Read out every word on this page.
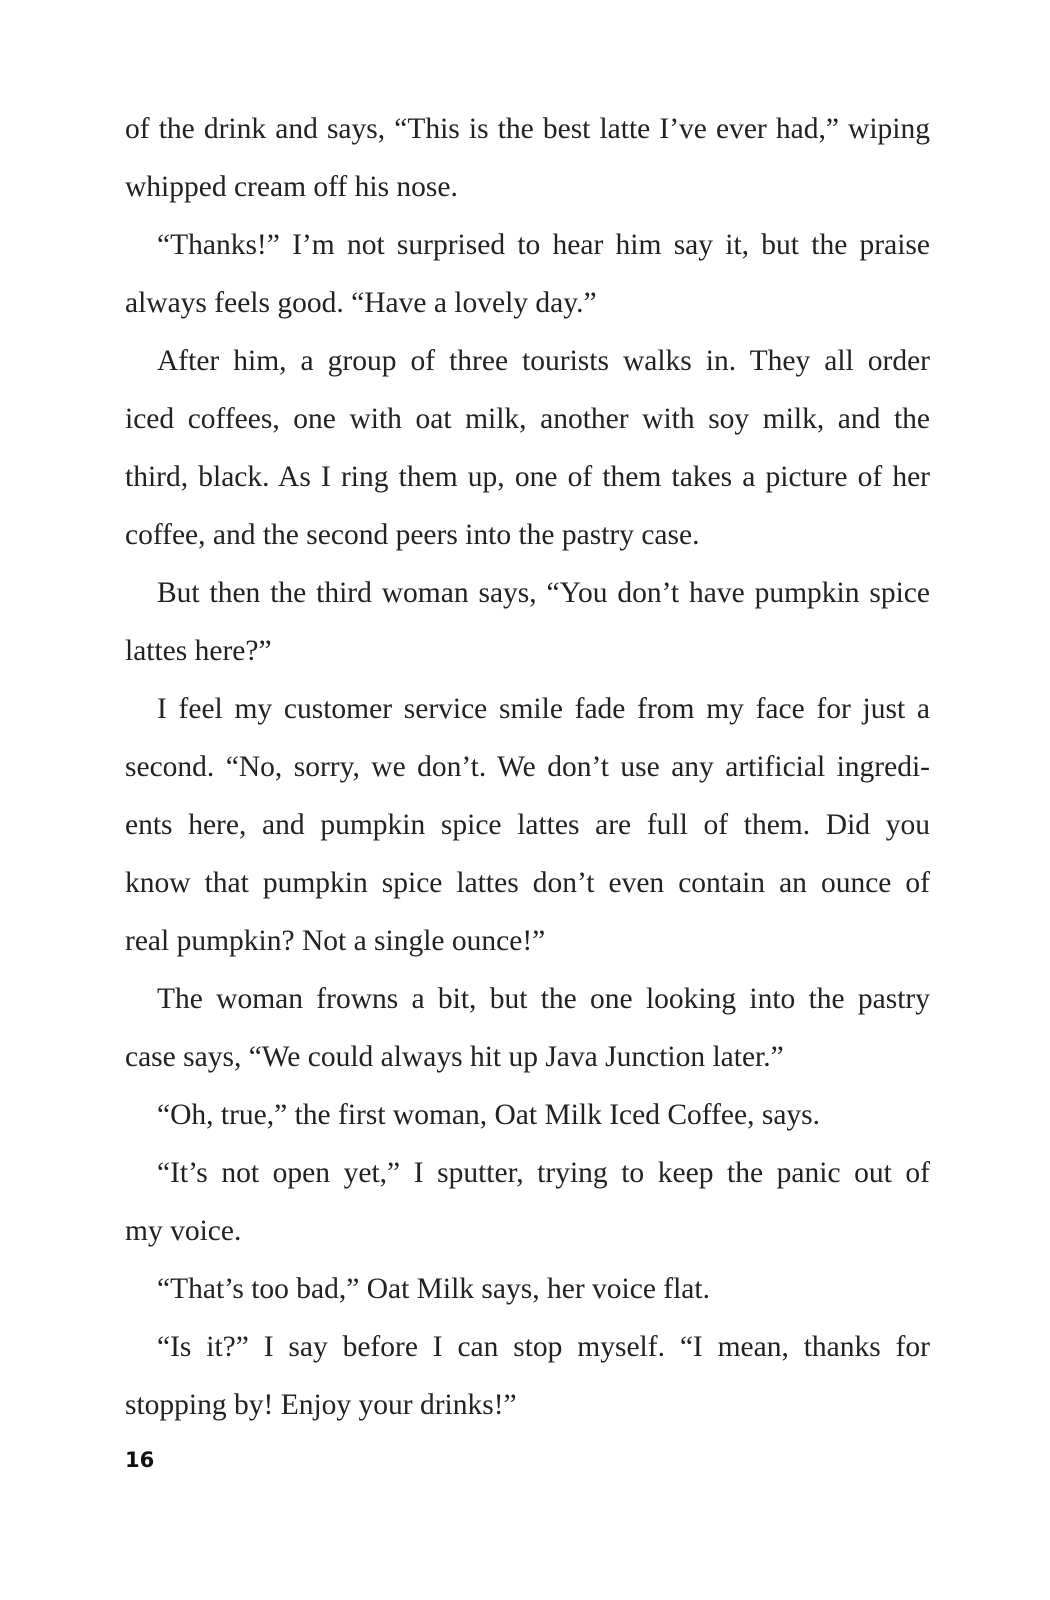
of the drink and says, “This is the best latte I’ve ever had,” wiping
whipped cream off his nose.
“Thanks!” I’m not surprised to hear him say it, but the praise
always feels good. “Have a lovely day.”
After him, a group of three tourists walks in. They all order
iced coffees, one with oat milk, another with soy milk, and the
third, black. As I ring them up, one of them takes a picture of her
coffee, and the second peers into the pastry case.
But then the third woman says, “You don’t have pumpkin spice
lattes here?”
I feel my customer service smile fade from my face for just a
second. “No, sorry, we don’t. We don’t use any artificial ingredi-
ents here, and pumpkin spice lattes are full of them. Did you
know that pumpkin spice lattes don’t even contain an ounce of
real pumpkin? Not a single ounce!”
The woman frowns a bit, but the one looking into the pastry
case says, “We could always hit up Java Junction later.”
“Oh, true,” the first woman, Oat Milk Iced Coffee, says.
“It’s not open yet,” I sputter, trying to keep the panic out of
my voice.
“That’s too bad,” Oat Milk says, her voice flat.
“Is it?” I say before I can stop myself. “I mean, thanks for
stopping by! Enjoy your drinks!”
16
